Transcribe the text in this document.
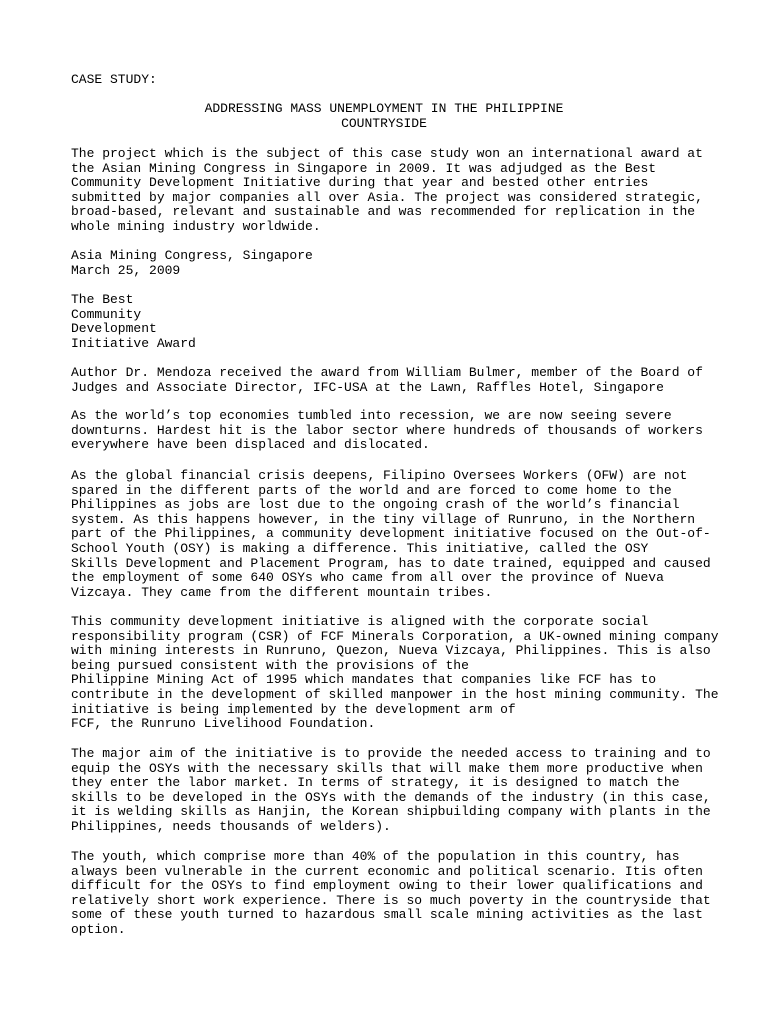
CASE STUDY:
ADDRESSING MASS UNEMPLOYMENT IN THE PHILIPPINE
COUNTRYSIDE
The project which is the subject of this case study won an international award at
the Asian Mining Congress in Singapore in 2009. It was adjudged as the Best
Community Development Initiative during that year and bested other entries
submitted by major companies all over Asia. The project was considered strategic,
broad-based, relevant and sustainable and was recommended for replication in the
whole mining industry worldwide.
Asia Mining Congress, Singapore
March 25, 2009
The Best
Community
Development
Initiative Award
Author Dr. Mendoza received the award from William Bulmer, member of the Board of
Judges and Associate Director, IFC-USA at the Lawn, Raffles Hotel, Singapore
As the world’s top economies tumbled into recession, we are now seeing severe
downturns. Hardest hit is the labor sector where hundreds of thousands of workers
everywhere have been displaced and dislocated.
As the global financial crisis deepens, Filipino Oversees Workers (OFW) are not
spared in the different parts of the world and are forced to come home to the
Philippines as jobs are lost due to the ongoing crash of the world’s financial
system. As this happens however, in the tiny village of Runruno, in the Northern
part of the Philippines, a community development initiative focused on the Out-of-
School Youth (OSY) is making a difference. This initiative, called the OSY
Skills Development and Placement Program, has to date trained, equipped and caused
the employment of some 640 OSYs who came from all over the province of Nueva
Vizcaya. They came from the different mountain tribes.
This community development initiative is aligned with the corporate social
responsibility program (CSR) of FCF Minerals Corporation, a UK-owned mining company
with mining interests in Runruno, Quezon, Nueva Vizcaya, Philippines. This is also
being pursued consistent with the provisions of the
Philippine Mining Act of 1995 which mandates that companies like FCF has to
contribute in the development of skilled manpower in the host mining community. The
initiative is being implemented by the development arm of
FCF, the Runruno Livelihood Foundation.
The major aim of the initiative is to provide the needed access to training and to
equip the OSYs with the necessary skills that will make them more productive when
they enter the labor market. In terms of strategy, it is designed to match the
skills to be developed in the OSYs with the demands of the industry (in this case,
it is welding skills as Hanjin, the Korean shipbuilding company with plants in the
Philippines, needs thousands of welders).
The youth, which comprise more than 40% of the population in this country, has
always been vulnerable in the current economic and political scenario. Itis often
difficult for the OSYs to find employment owing to their lower qualifications and
relatively short work experience. There is so much poverty in the countryside that
some of these youth turned to hazardous small scale mining activities as the last
option.
